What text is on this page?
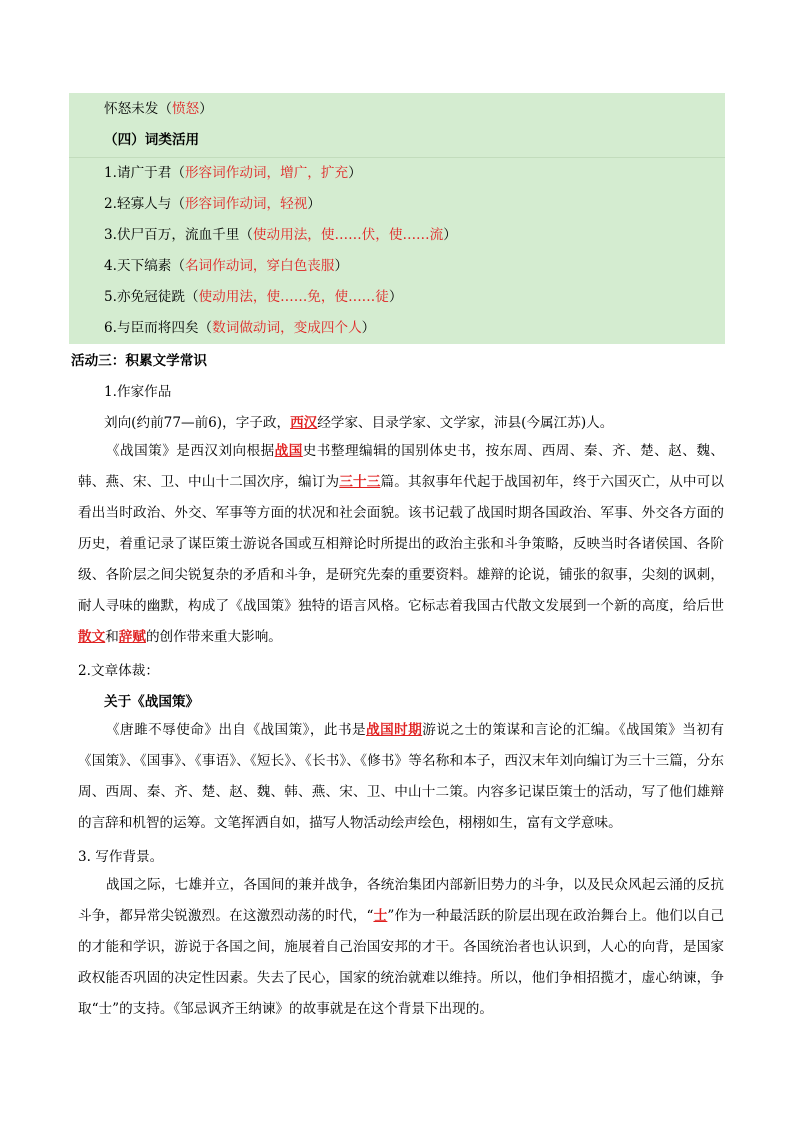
怀怒未发（愤怒）
（四）词类活用
1.请广于君（形容词作动词，增广，扩充）
2.轻寡人与（形容词作动词，轻视）
3.伏尸百万，流血千里（使动用法，使……伏，使……流）
4.天下缟素（名词作动词，穿白色丧服）
5.亦免冠徒跣（使动用法，使……免，使……徒）
6.与臣而将四矣（数词做动词，变成四个人）
活动三：积累文学常识
1.作家作品
刘向(约前77—前6)，字子政，西汉经学家、目录学家、文学家，沛县(今属江苏)人。
《战国策》是西汉刘向根据战国史书整理编辑的国别体史书，按东周、西周、秦、齐、楚、赵、魏、韩、燕、宋、卫、中山十二国次序，编订为三十三篇。其叙事年代起于战国初年，终于六国灭亡，从中可以看出当时政治、外交、军事等方面的状况和社会面貌。该书记载了战国时期各国政治、军事、外交各方面的历史，着重记录了谋臣策士游说各国或互相辩论时所提出的政治主张和斗争策略，反映当时各诸侯国、各阶级、各阶层之间尖锐复杂的矛盾和斗争，是研究先秦的重要资料。雄辩的论说，铺张的叙事，尖刻的讽刺，耐人寻味的幽默，构成了《战国策》独特的语言风格。它标志着我国古代散文发展到一个新的高度，给后世散文和辞赋的创作带来重大影响。
2.文章体裁：
关于《战国策》
《唐雎不辱使命》出自《战国策》，此书是战国时期游说之士的策谋和言论的汇编。《战国策》当初有《国策》、《国事》、《事语》、《短长》、《长书》、《修书》等名称和本子，西汉末年刘向编订为三十三篇，分东周、西周、秦、齐、楚、赵、魏、韩、燕、宋、卫、中山十二策。内容多记谋臣策士的活动，写了他们雄辩的言辞和机智的运筹。文笔挥洒自如，描写人物活动绘声绘色，栩栩如生，富有文学意味。
3. 写作背景。
战国之际，七雄并立，各国间的兼并战争，各统治集团内部新旧势力的斗争，以及民众风起云涌的反抗斗争，都异常尖锐激烈。在这激烈动荡的时代，“士”作为一种最活跃的阶层出现在政治舞台上。他们以自己的才能和学识，游说于各国之间，施展着自己治国安邦的才干。各国统治者也认识到，人心的向背，是国家政权能否巩固的决定性因素。失去了民心，国家的统治就难以维持。所以，他们争相招揽才，虚心纳谏，争取“士”的支持。《邹忌讽齐王纳谏》的故事就是在这个背景下出现的。
